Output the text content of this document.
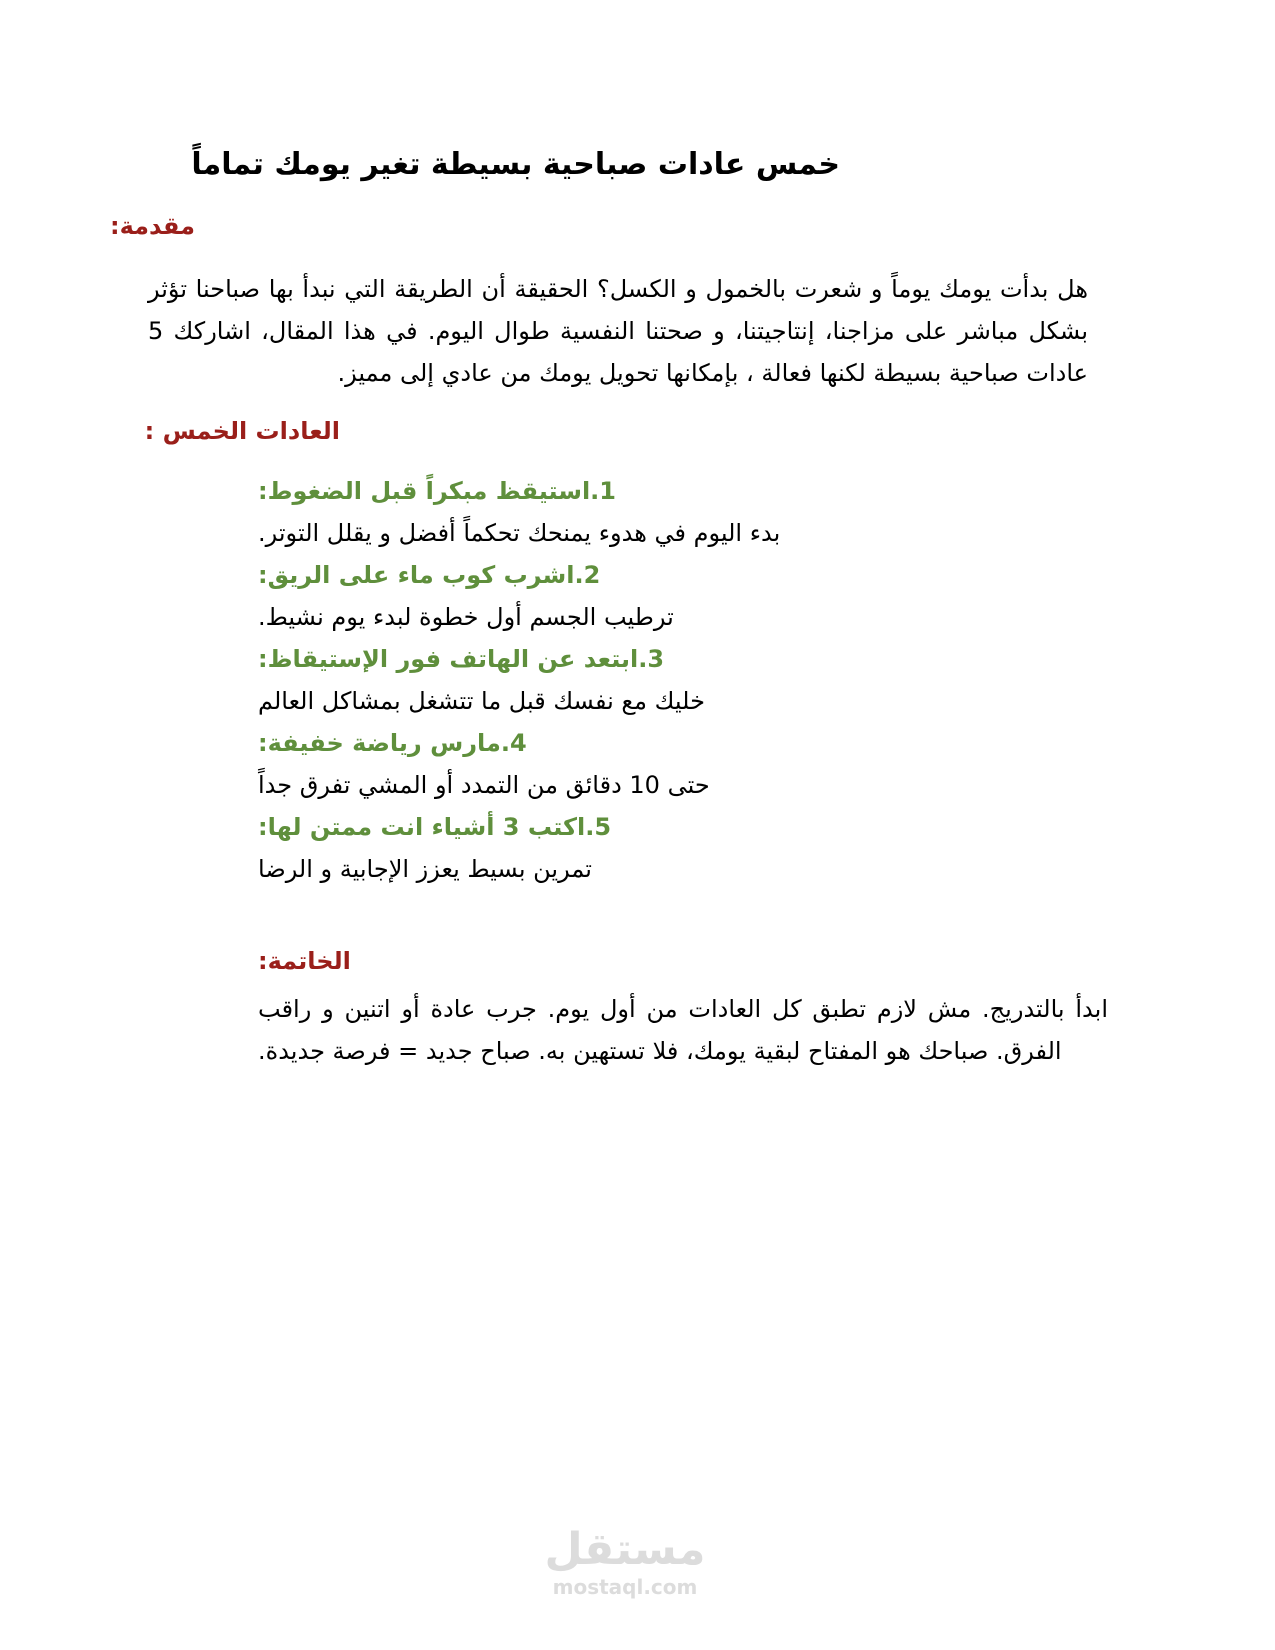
خمس عادات صباحية بسيطة تغير يومك تماماً
مقدمة:
هل بدأت يومك يوماً و شعرت بالخمول و الكسل؟ الحقيقة أن الطريقة التي نبدأ بها صباحنا تؤثر بشكل مباشر على مزاجنا، إنتاجيتنا، و صحتنا النفسية طوال اليوم. في هذا المقال، اشاركك 5 عادات صباحية بسيطة لكنها فعالة ، بإمكانها تحويل يومك من عادي إلى مميز.
العادات الخمس :
1.استيقظ مبكراً قبل الضغوط:
بدء اليوم في هدوء يمنحك تحكماً أفضل و يقلل التوتر.
2.اشرب كوب ماء على الريق:
ترطيب الجسم أول خطوة لبدء يوم نشيط.
3.ابتعد عن الهاتف فور الإستيقاظ:
خليك مع نفسك قبل ما تتشغل بمشاكل العالم
4.مارس رياضة خفيفة:
حتى 10 دقائق من التمدد أو المشي تفرق جداً
5.اكتب 3 أشياء انت ممتن لها:
تمرين بسيط يعزز الإجابية و الرضا
الخاتمة:
ابدأ بالتدريج. مش لازم تطبق كل العادات من أول يوم. جرب عادة أو اتنين و راقب الفرق. صباحك هو المفتاح لبقية يومك، فلا تستهين به. صباح جديد = فرصة جديدة.
مستقل
mostaql.com
